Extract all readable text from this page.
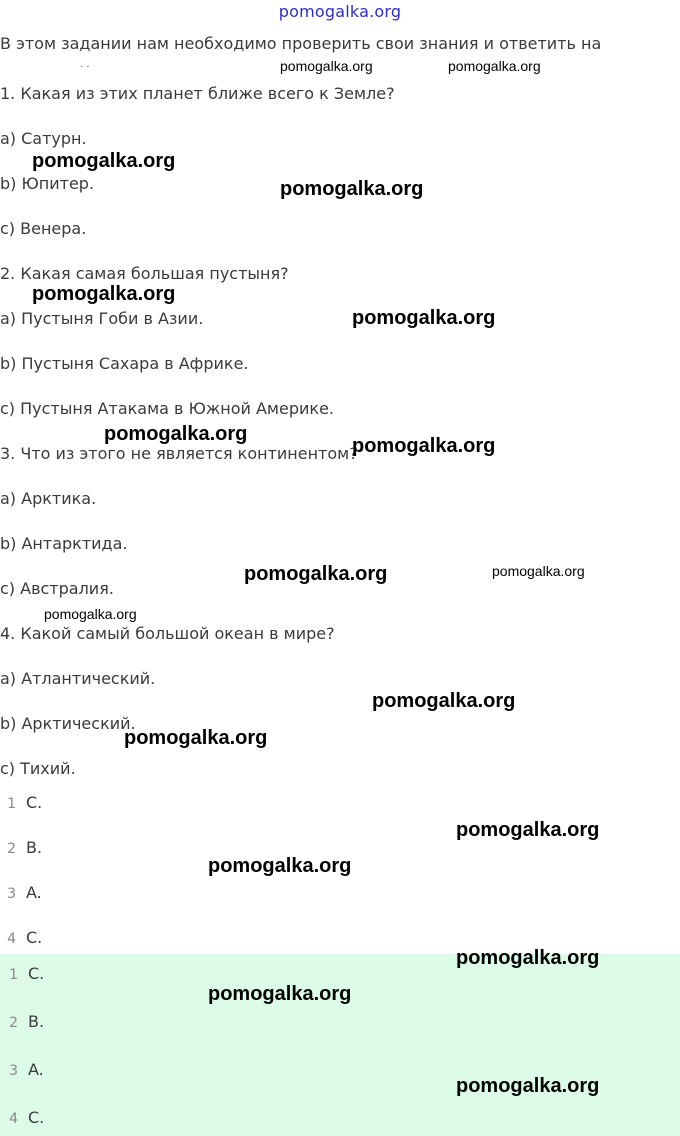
pomogalka.org
В этом задании нам необходимо проверить свои знания и ответить на
· ·
1. Какая из этих планет ближе всего к Земле?
a) Сатурн.
b) Юпитер.
c) Венера.
2. Какая самая большая пустыня?
a) Пустыня Гоби в Азии.
b) Пустыня Сахара в Африке.
c) Пустыня Атакама в Южной Америке.
3. Что из этого не является континентом?
a) Арктика.
b) Антарктида.
c) Австралия.
4. Какой самый большой океан в мире?
a) Атлантический.
b) Арктический.
c) Тихий.
1 C.
2 B.
3 A.
4 C.
1 C.
2 B.
3 A.
4 C.
pomogalka.org	pomogalka.org
pomogalka.org
pomogalka.org
pomogalka.org
pomogalka.org
pomogalka.org
pomogalka.org
pomogalka.org	pomogalka.org
pomogalka.org
pomogalka.org
pomogalka.org
pomogalka.org
pomogalka.org
pomogalka.org
pomogalka.org
pomogalka.org
